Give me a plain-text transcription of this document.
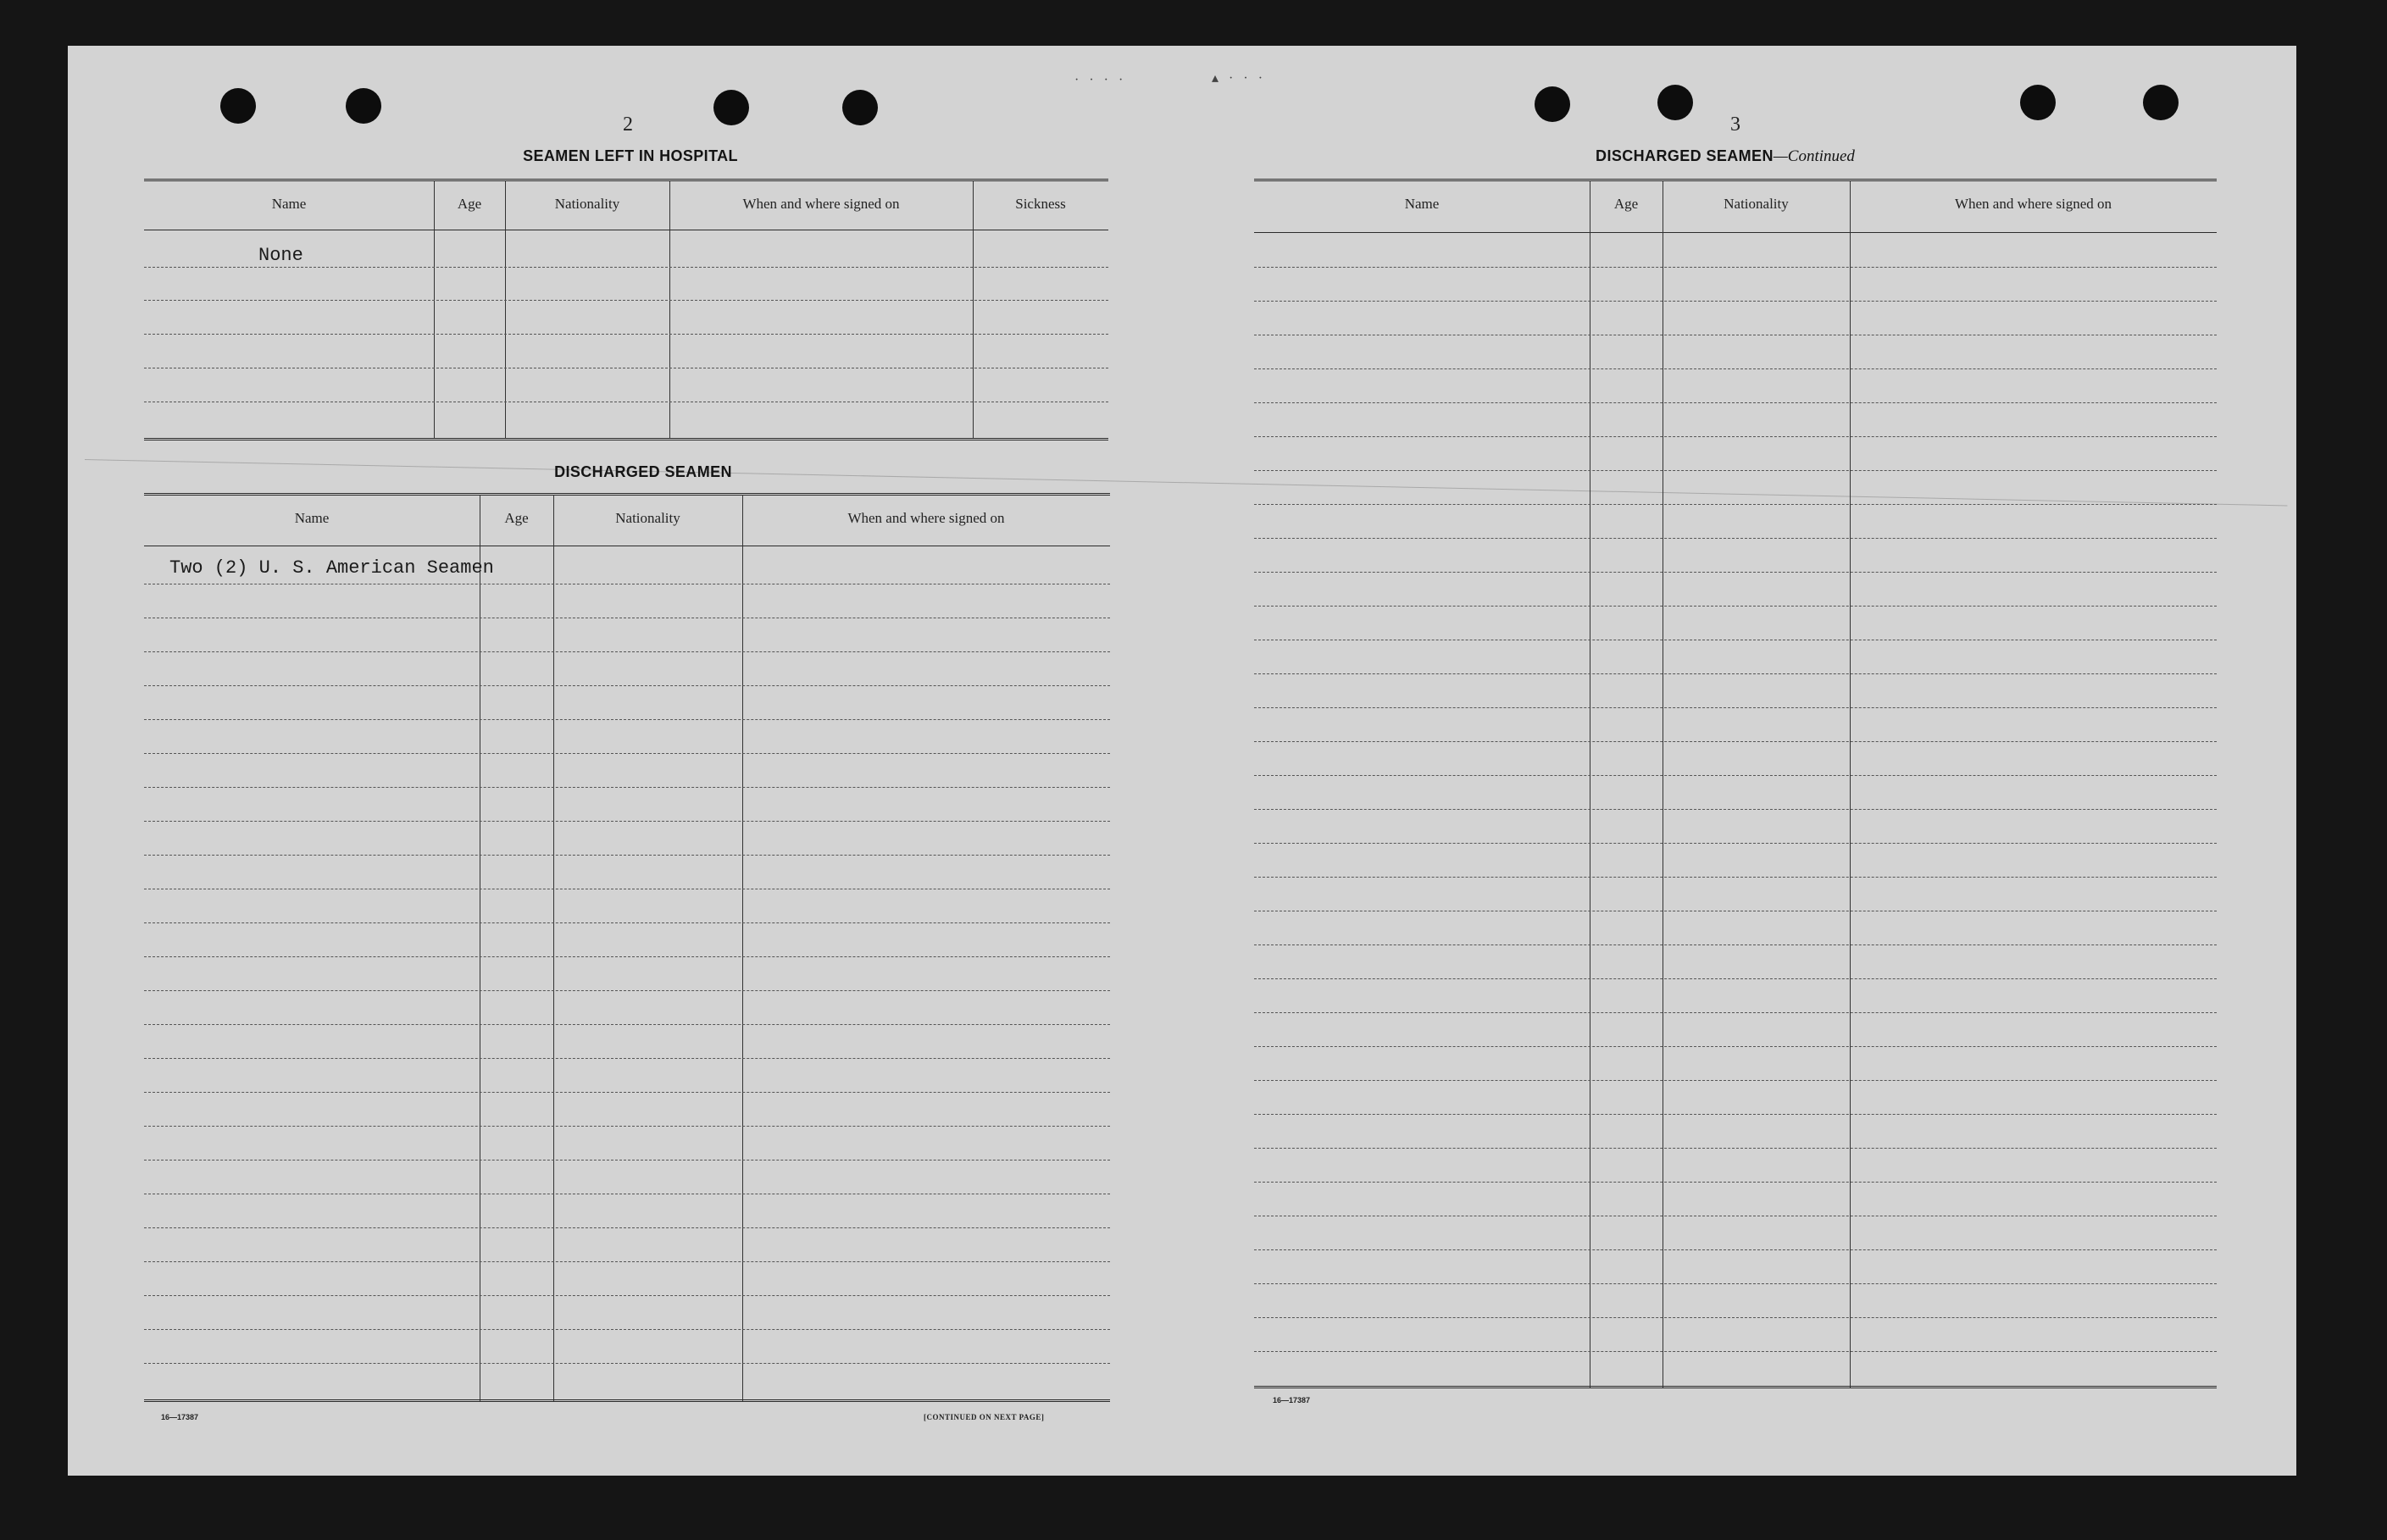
· · · ·	▴ · · ·
2
SEAMEN LEFT IN HOSPITAL
Name	Age	Nationality	When and where signed on	Sickness
None
DISCHARGED SEAMEN
Name	Age	Nationality	When and where signed on
Two (2) U. S. American Seamen
16—17387	[CONTINUED ON NEXT PAGE]
3
DISCHARGED SEAMEN—Continued
Name	Age	Nationality	When and where signed on
16—17387
